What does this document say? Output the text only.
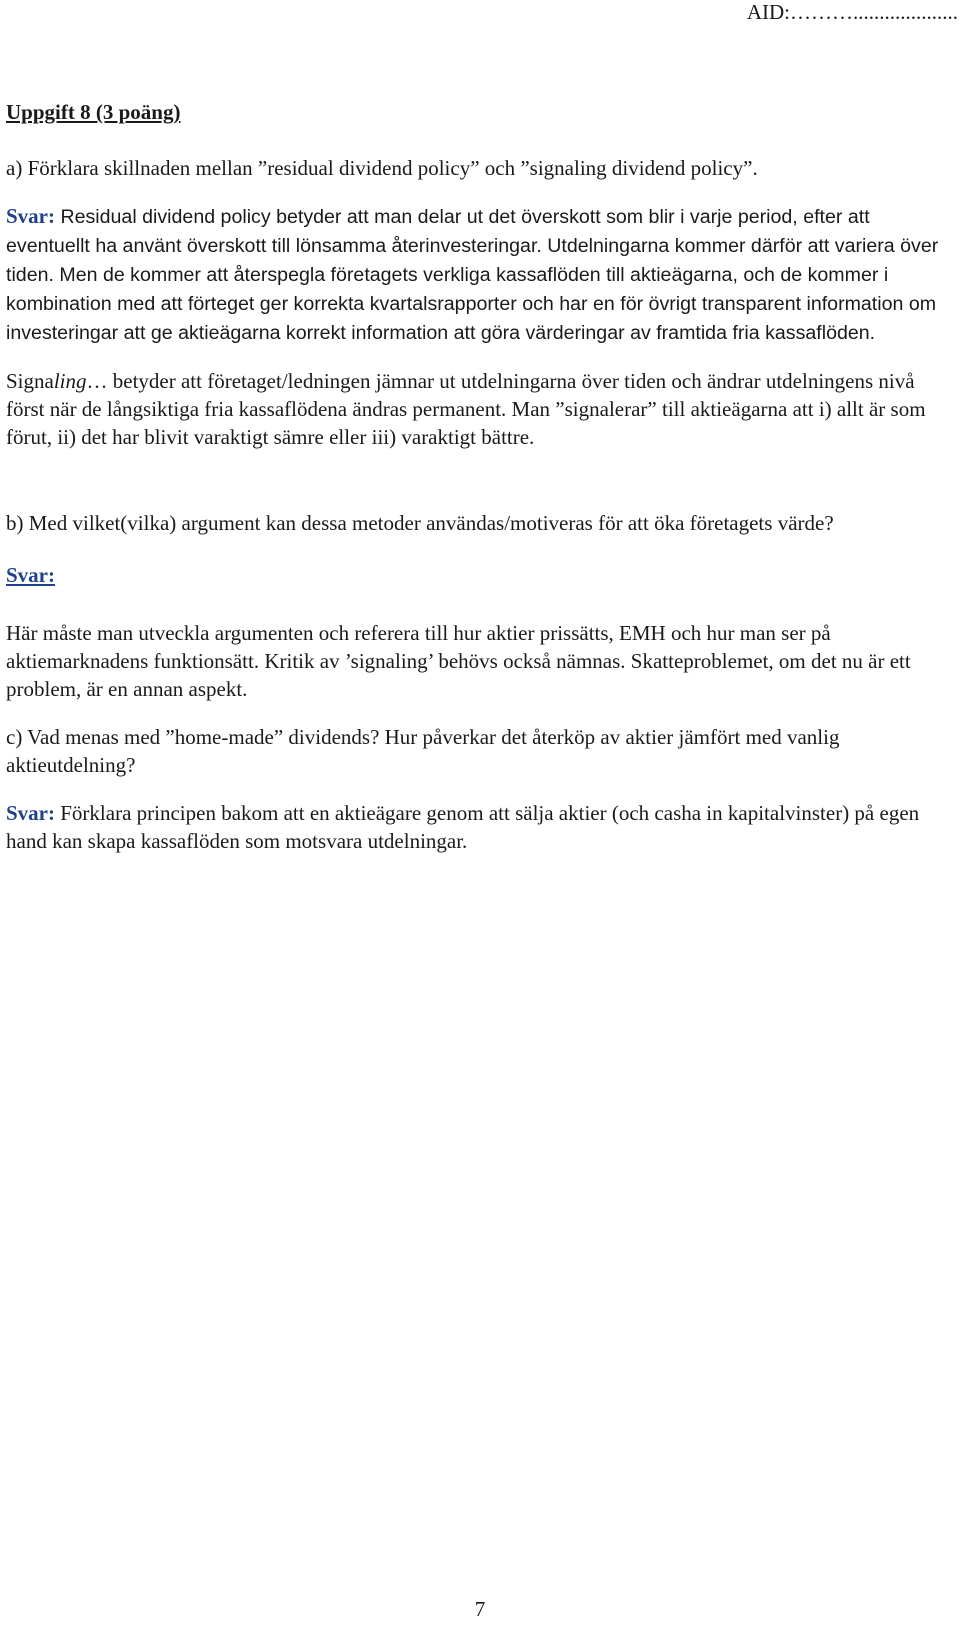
AID:………....................

Uppgift 8 (3 poäng)

a) Förklara skillnaden mellan ”residual dividend policy” och ”signaling dividend policy”.

Svar: Residual dividend policy betyder att man delar ut det överskott som blir i varje period, efter att eventuellt ha använt överskott till lönsamma återinvesteringar. Utdelningarna kommer därför att variera över tiden. Men de kommer att återspegla företagets verkliga kassaflöden till aktieägarna, och de kommer i kombination med att förteget ger korrekta kvartalsrapporter och har en för övrigt transparent information om investeringar att ge aktieägarna korrekt information att göra värderingar av framtida fria kassaflöden.

Signaling… betyder att företaget/ledningen jämnar ut utdelningarna över tiden och ändrar utdelningens nivå först när de långsiktiga fria kassaflödena ändras permanent. Man ”signalerar” till aktieägarna att i) allt är som förut, ii) det har blivit varaktigt sämre eller iii) varaktigt bättre.

b) Med vilket(vilka) argument kan dessa metoder användas/motiveras för att öka företagets värde?

Svar:

Här måste man utveckla argumenten och referera till hur aktier prissätts, EMH och hur man ser på aktiemarknadens funktionsätt. Kritik av ’signaling’ behövs också nämnas. Skatteproblemet, om det nu är ett problem, är en annan aspekt.

c) Vad menas med ”home-made” dividends? Hur påverkar det återköp av aktier jämfört med vanlig aktieutdelning?

Svar: Förklara principen bakom att en aktieägare genom att sälja aktier (och casha in kapitalvinster) på egen hand kan skapa kassaflöden som motsvara utdelningar.

7
